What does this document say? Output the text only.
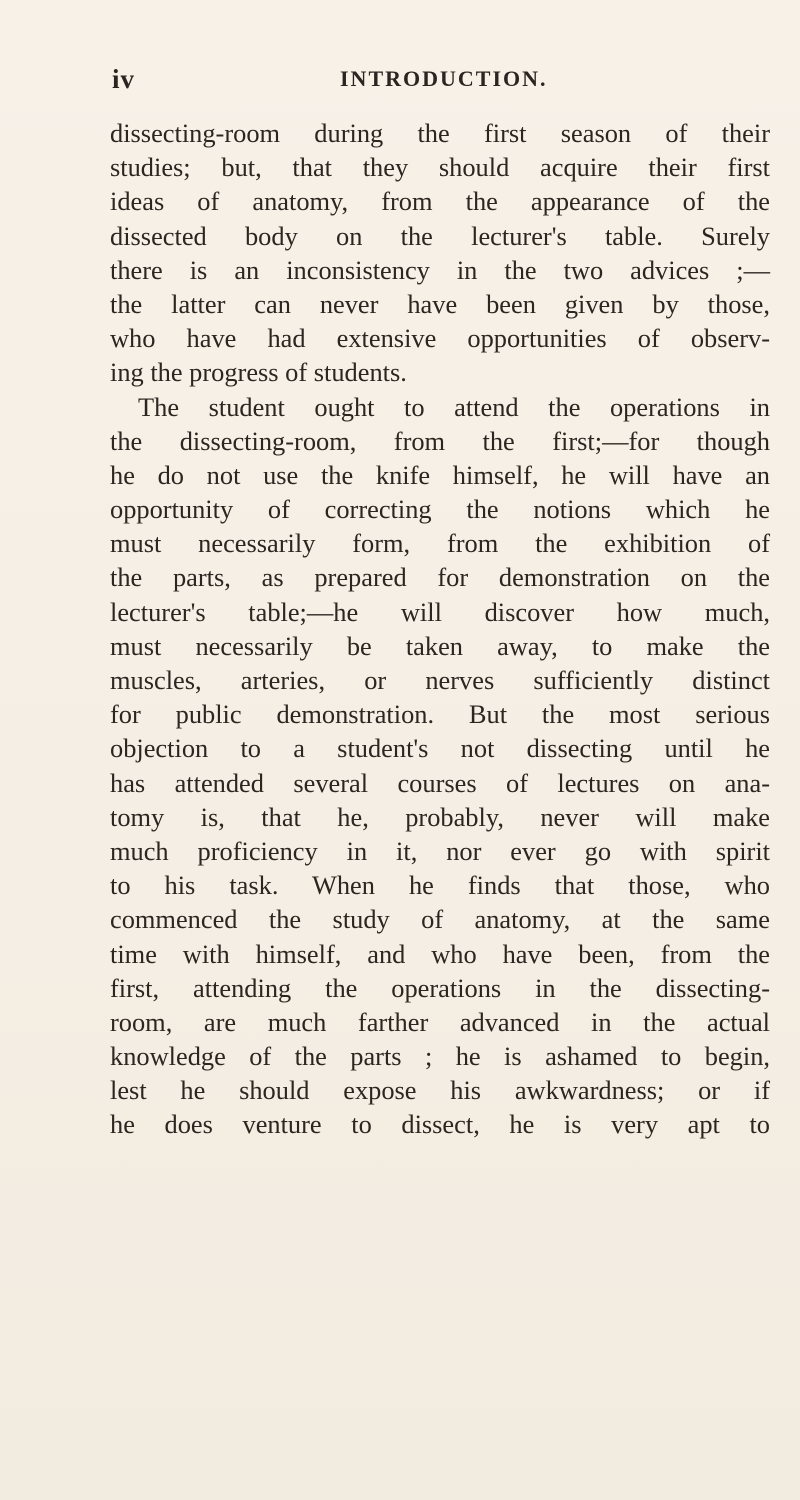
iv	INTRODUCTION.
dissecting-room during the first season of their
studies; but, that they should acquire their first
ideas of anatomy, from the appearance of the
dissected body on the lecturer's table. Surely
there is an inconsistency in the two advices ;—
the latter can never have been given by those,
who have had extensive opportunities of observ-
ing the progress of students.
The student ought to attend the operations in
the dissecting-room, from the first;—for though
he do not use the knife himself, he will have an
opportunity of correcting the notions which he
must necessarily form, from the exhibition of
the parts, as prepared for demonstration on the
lecturer's table;—he will discover how much,
must necessarily be taken away, to make the
muscles, arteries, or nerves sufficiently distinct
for public demonstration. But the most serious
objection to a student's not dissecting until he
has attended several courses of lectures on ana-
tomy is, that he, probably, never will make
much proficiency in it, nor ever go with spirit
to his task. When he finds that those, who
commenced the study of anatomy, at the same
time with himself, and who have been, from the
first, attending the operations in the dissecting-
room, are much farther advanced in the actual
knowledge of the parts ; he is ashamed to begin,
lest he should expose his awkwardness; or if
he does venture to dissect, he is very apt to
